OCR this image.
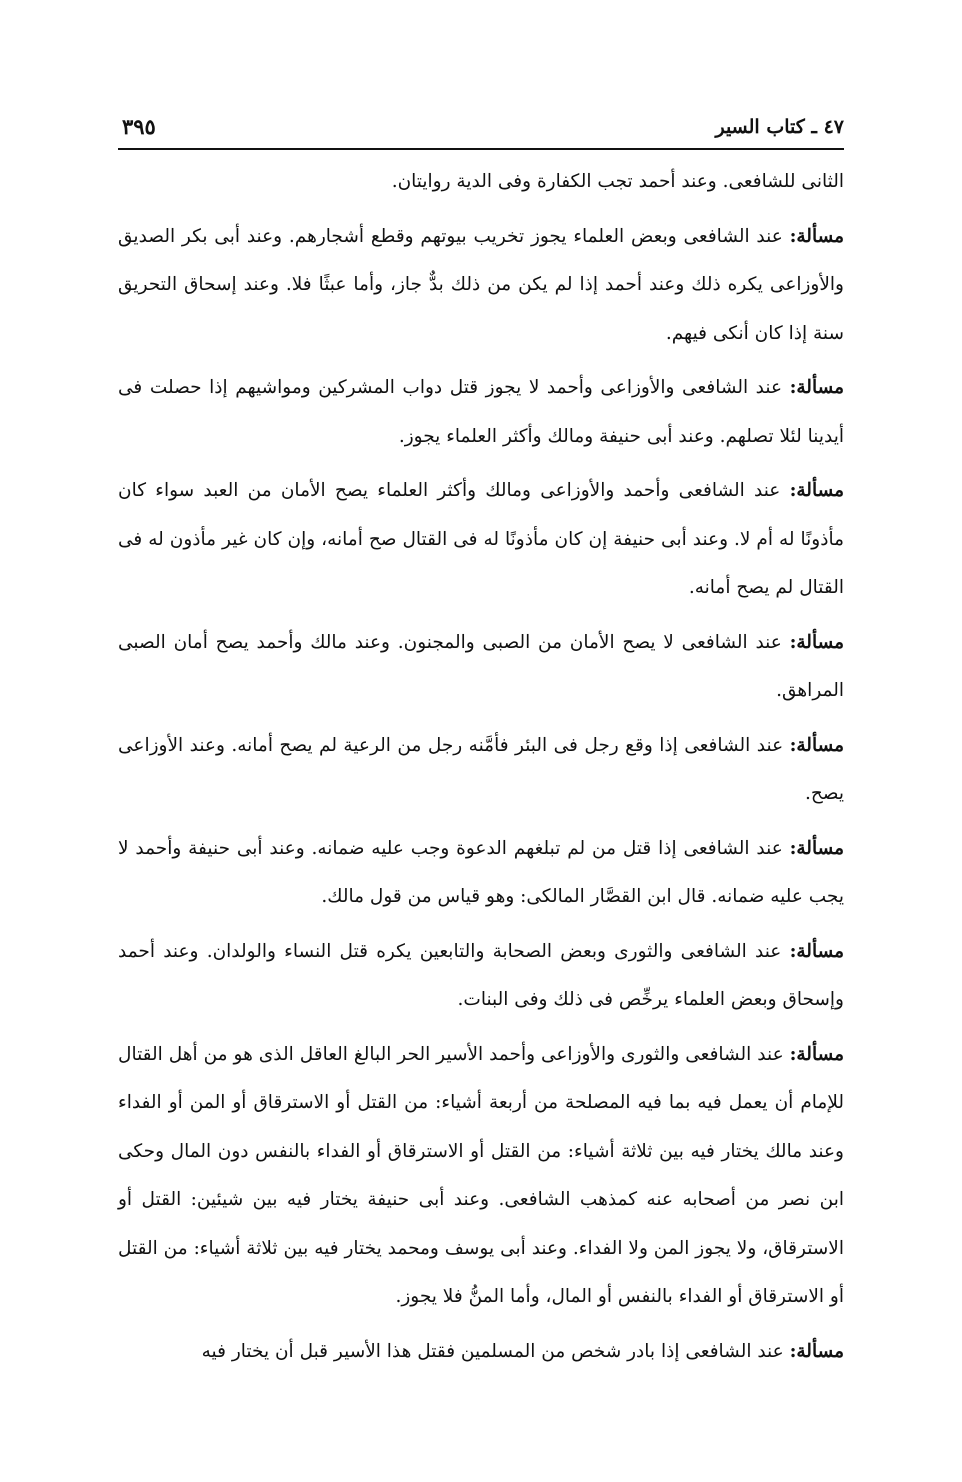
٤٧ ـ كتاب السير
٣٩٥

الثانى للشافعى. وعند أحمد تجب الكفارة وفى الدية روايتان.

مسألة: عند الشافعى وبعض العلماء يجوز تخريب بيوتهم وقطع أشجارهم. وعند أبى بكر الصديق والأوزاعى يكره ذلك وعند أحمد إذا لم يكن من ذلك بدٌّ جاز، وأما عبثًا فلا. وعند إسحاق التحريق سنة إذا كان أنكى فيهم.

مسألة: عند الشافعى والأوزاعى وأحمد لا يجوز قتل دواب المشركين ومواشيهم إذا حصلت فى أيدينا لئلا تصلهم. وعند أبى حنيفة ومالك وأكثر العلماء يجوز.

مسألة: عند الشافعى وأحمد والأوزاعى ومالك وأكثر العلماء يصح الأمان من العبد سواء كان مأذونًا له أم لا. وعند أبى حنيفة إن كان مأذونًا له فى القتال صح أمانه، وإن كان غير مأذون له فى القتال لم يصح أمانه.

مسألة: عند الشافعى لا يصح الأمان من الصبى والمجنون. وعند مالك وأحمد يصح أمان الصبى المراهق.

مسألة: عند الشافعى إذا وقع رجل فى البئر فأمَّنه رجل من الرعية لم يصح أمانه. وعند الأوزاعى يصح.

مسألة: عند الشافعى إذا قتل من لم تبلغهم الدعوة وجب عليه ضمانه. وعند أبى حنيفة وأحمد لا يجب عليه ضمانه. قال ابن القصَّار المالكى: وهو قياس من قول مالك.

مسألة: عند الشافعى والثورى وبعض الصحابة والتابعين يكره قتل النساء والولدان. وعند أحمد وإسحاق وبعض العلماء يرخِّص فى ذلك وفى البنات.

مسألة: عند الشافعى والثورى والأوزاعى وأحمد الأسير الحر البالغ العاقل الذى هو من أهل القتال للإمام أن يعمل فيه بما فيه المصلحة من أربعة أشياء: من القتل أو الاسترقاق أو المن أو الفداء وعند مالك يختار فيه بين ثلاثة أشياء: من القتل أو الاسترقاق أو الفداء بالنفس دون المال وحكى ابن نصر من أصحابه عنه كمذهب الشافعى. وعند أبى حنيفة يختار فيه بين شيئين: القتل أو الاسترقاق، ولا يجوز المن ولا الفداء. وعند أبى يوسف ومحمد يختار فيه بين ثلاثة أشياء: من القتل أو الاسترقاق أو الفداء بالنفس أو المال، وأما المنُّ فلا يجوز.

مسألة: عند الشافعى إذا بادر شخص من المسلمين فقتل هذا الأسير قبل أن يختار فيه
